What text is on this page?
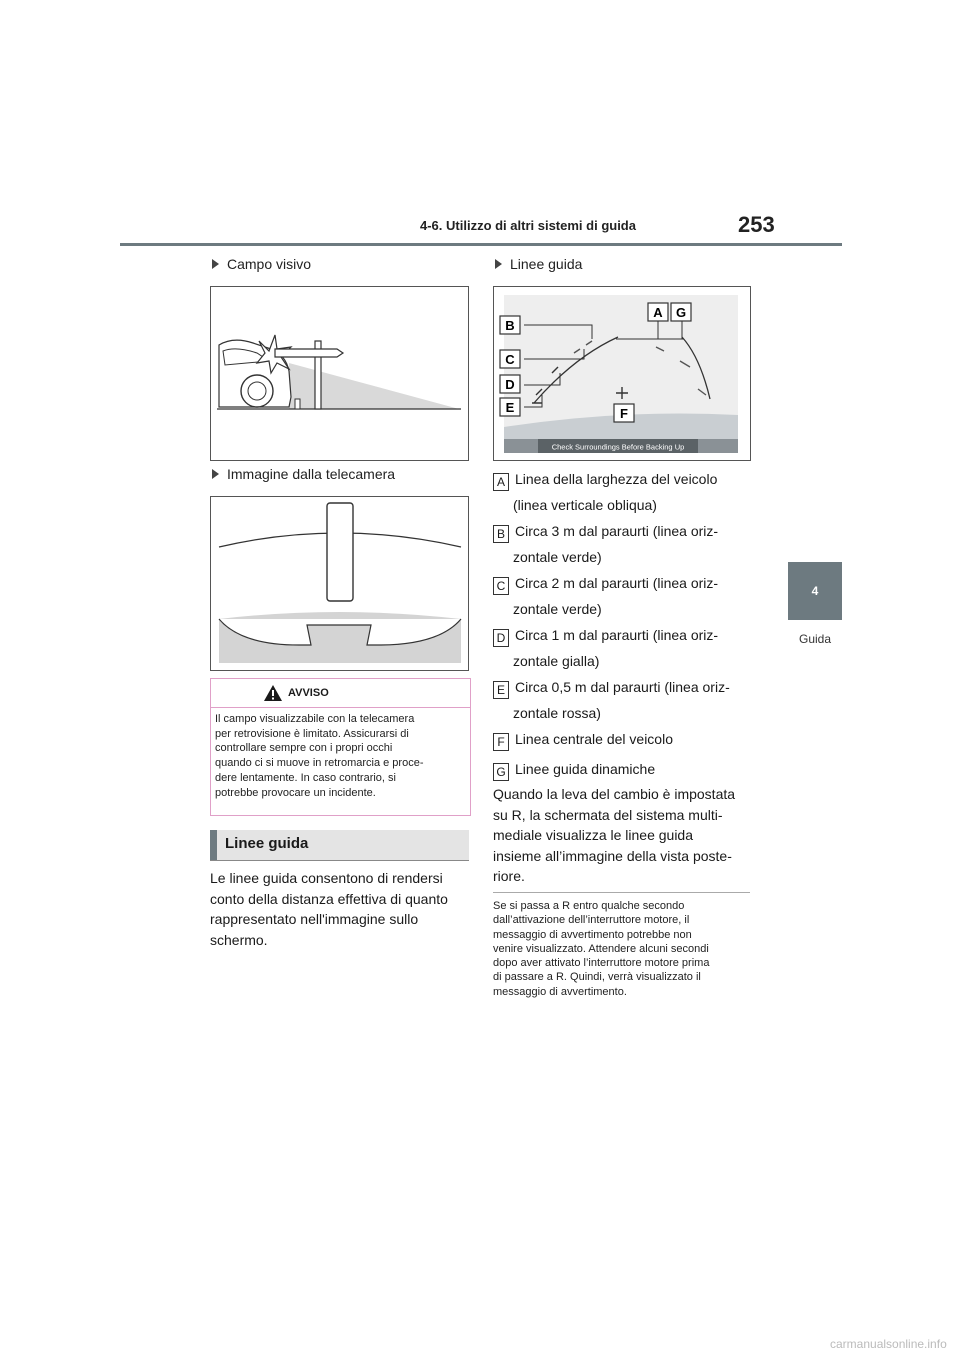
4-6. Utilizzo di altri sistemi di guida	253
4
Guida
Campo visivo
Immagine dalla telecamera
AVVISO
Il campo visualizzabile con la telecamera
per retrovisione è limitato. Assicurarsi di
controllare sempre con i propri occhi
quando ci si muove in retromarcia e proce-
dere lentamente. In caso contrario, si
potrebbe provocare un incidente.
Linee guida
Le linee guida consentono di rendersi
conto della distanza effettiva di quanto
rappresentato nell'immagine sullo
schermo.
Linee guida
Check Surroundings Before Backing Up
A G
B
C
D
E	F
A Linea della larghezza del veicolo
(linea verticale obliqua)
B Circa 3 m dal paraurti (linea oriz-
zontale verde)
C Circa 2 m dal paraurti (linea oriz-
zontale verde)
D Circa 1 m dal paraurti (linea oriz-
zontale gialla)
E Circa 0,5 m dal paraurti (linea oriz-
zontale rossa)
F Linea centrale del veicolo
G Linee guida dinamiche
Quando la leva del cambio è impostata
su R, la schermata del sistema multi-
mediale visualizza le linee guida
insieme all’immagine della vista poste-
riore.
Se si passa a R entro qualche secondo
dall’attivazione dell’interruttore motore, il
messaggio di avvertimento potrebbe non
venire visualizzato. Attendere alcuni secondi
dopo aver attivato l’interruttore motore prima
di passare a R. Quindi, verrà visualizzato il
messaggio di avvertimento.
carmanualsonline.info
